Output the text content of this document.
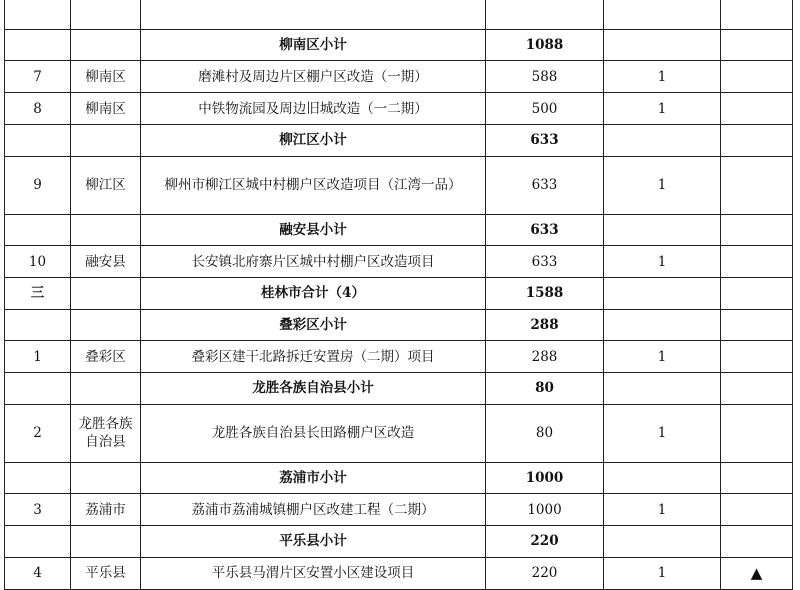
		柳南区小计	1088		
7	柳南区	磨滩村及周边片区棚户区改造（一期）	588	1	
8	柳南区	中铁物流园及周边旧城改造（一二期）	500	1	
		柳江区小计	633		
9	柳江区	柳州市柳江区城中村棚户区改造项目（江湾一品）	633	1	
		融安县小计	633		
10	融安县	长安镇北府寨片区城中村棚户区改造项目	633	1	
三		桂林市合计（4）	1588		
		叠彩区小计	288		
1	叠彩区	叠彩区建干北路拆迁安置房（二期）项目	288	1	
		龙胜各族自治县小计	80		
2	龙胜各族自治县	龙胜各族自治县长田路棚户区改造	80	1	
		荔浦市小计	1000		
3	荔浦市	荔浦市荔浦城镇棚户区改建工程（二期）	1000	1	
		平乐县小计	220		
4	平乐县	平乐县马渭片区安置小区建设项目	220	1	▲
